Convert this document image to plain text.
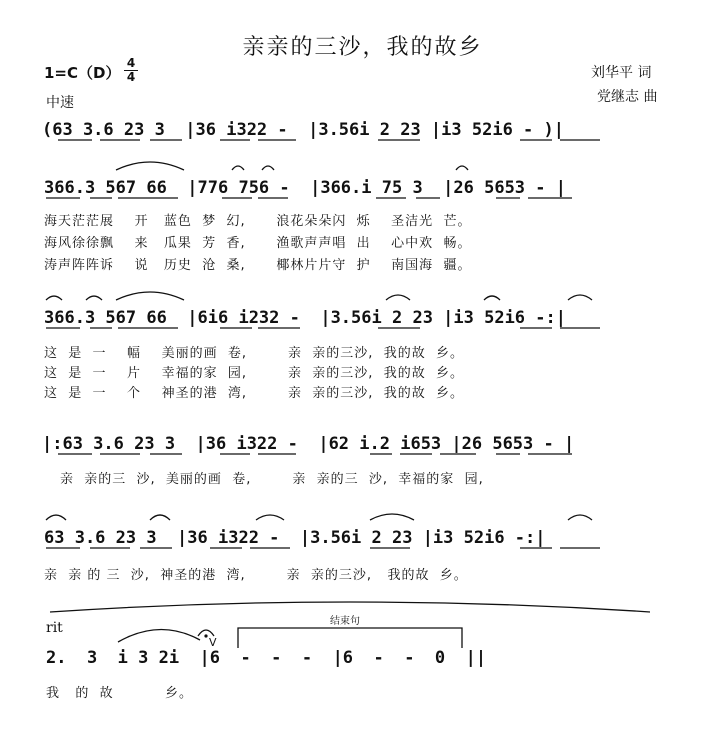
亲亲的三沙，我的故乡
1=C（D）
4
4
中速
刘华平 词
党继志 曲
(63 3.6 23 3  |36 i322 -  |3.56i 2 23 |i3 52i6 - )|
366.3 567 66  |776 756 -  |366.i 75 3  |26 5653 - |
海天茫茫展    开   蓝色  梦  幻,      浪花朵朵闪  烁    圣洁光  芒。
海风徐徐飘    来   瓜果  芳  香,      渔歌声声唱  出    心中欢  畅。
涛声阵阵诉    说   历史  沧  桑,      椰林片片守  护    南国海  疆。
366.3 567 66  |6i6 i232 -  |3.56i 2 23 |i3 52i6 -:|
这  是  一    幅    美丽的画  卷,        亲  亲的三沙,  我的故  乡。
这  是  一    片    幸福的家  园,        亲  亲的三沙,  我的故  乡。
这  是  一    个    神圣的港  湾,        亲  亲的三沙,  我的故  乡。
|:63 3.6 23 3  |36 i322 -  |62 i.2 i653 |26 5653 - |
亲  亲的三  沙,  美丽的画  卷,        亲  亲的三  沙,  幸福的家  园,
63 3.6 23 3  |36 i322 -  |3.56i 2 23 |i3 52i6 -:|
亲  亲 的 三  沙,  神圣的港  湾,        亲  亲的三沙,   我的故  乡。
rit	结束句
2.  3  i 3 2i  |6  -  -  -  |6  -  -  0  ||
V
我   的  故          乡。
